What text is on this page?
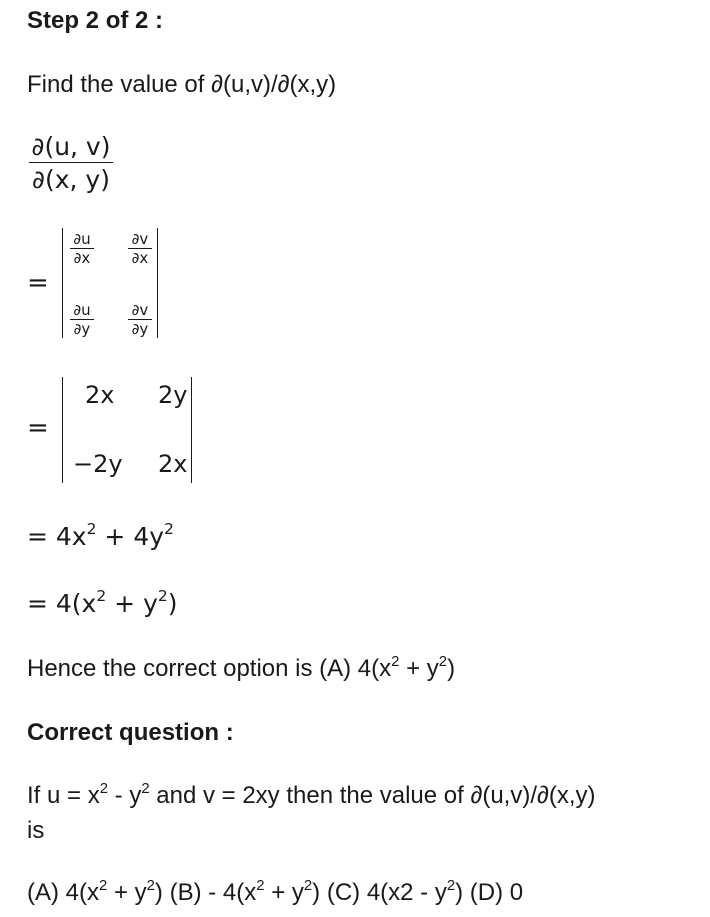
Step 2 of 2 :
Find the value of ∂(u,v)/∂(x,y)
∂(u, v)
∂(x, y)
=
∂u
∂x
∂v
∂x
∂u
∂y
∂v
∂y
=
2x 2y
−2y 2x
= $4x^2 + 4y^2$
= $4(x^2 + y^2)$
Hence the correct option is (A) $4(x^2 + y^2)$
Correct question :
If $u = x^2 - y^2$ and v = 2xy then the value of ∂(u,v)/∂(x,y)
is
(A) $4(x^2 + y^2)$ $(B) - 4(x^2 + y^2)$ (C) $4(x2 - y^2)$ (D) 0
